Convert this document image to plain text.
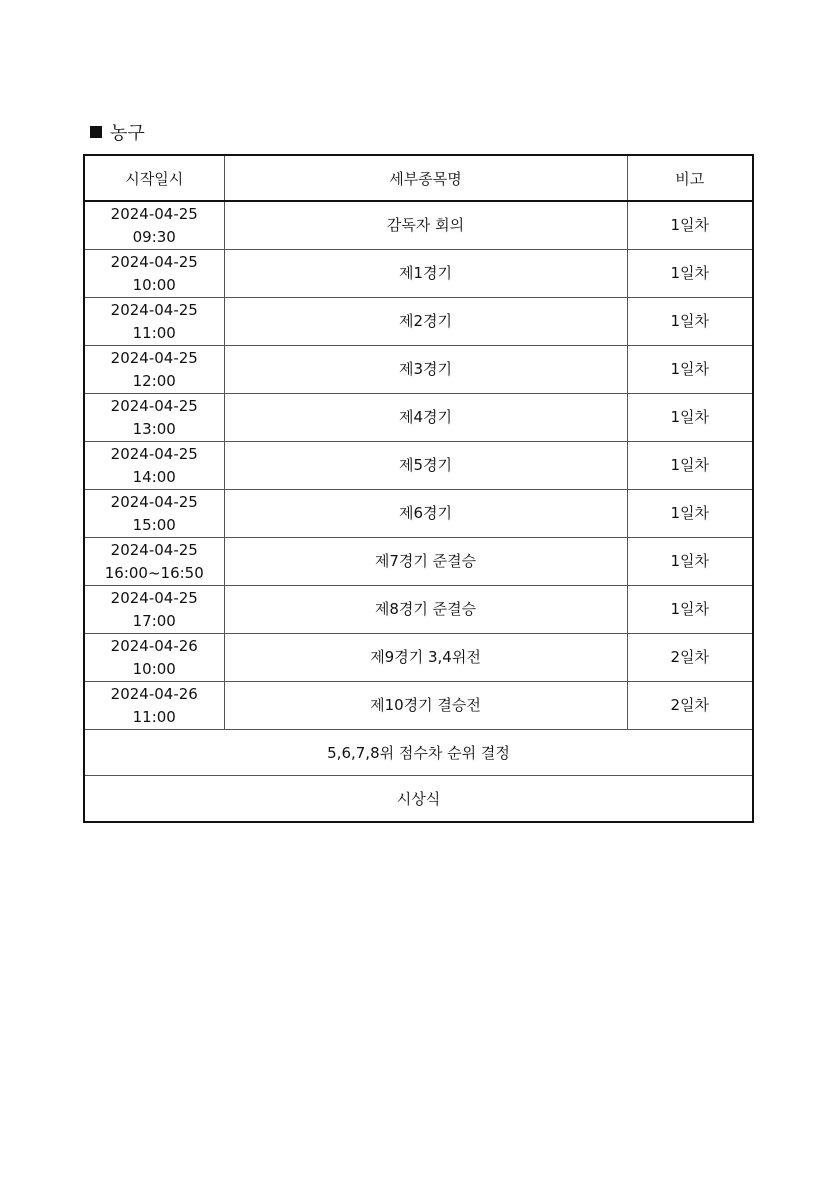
농구
시작일시	세부종목명	비고

2024-04-25
09:30	감독자 회의	1일차

2024-04-25
10:00	제1경기	1일차

2024-04-25
11:00	제2경기	1일차

2024-04-25
12:00	제3경기	1일차

2024-04-25
13:00	제4경기	1일차

2024-04-25
14:00	제5경기	1일차

2024-04-25
15:00	제6경기	1일차

2024-04-25
16:00~16:50	제7경기 준결승	1일차

2024-04-25
17:00	제8경기 준결승	1일차

2024-04-26
10:00	제9경기 3,4위전	2일차

2024-04-26
11:00	제10경기 결승전	2일차
5,6,7,8위 점수차 순위 결정		
시상식		
